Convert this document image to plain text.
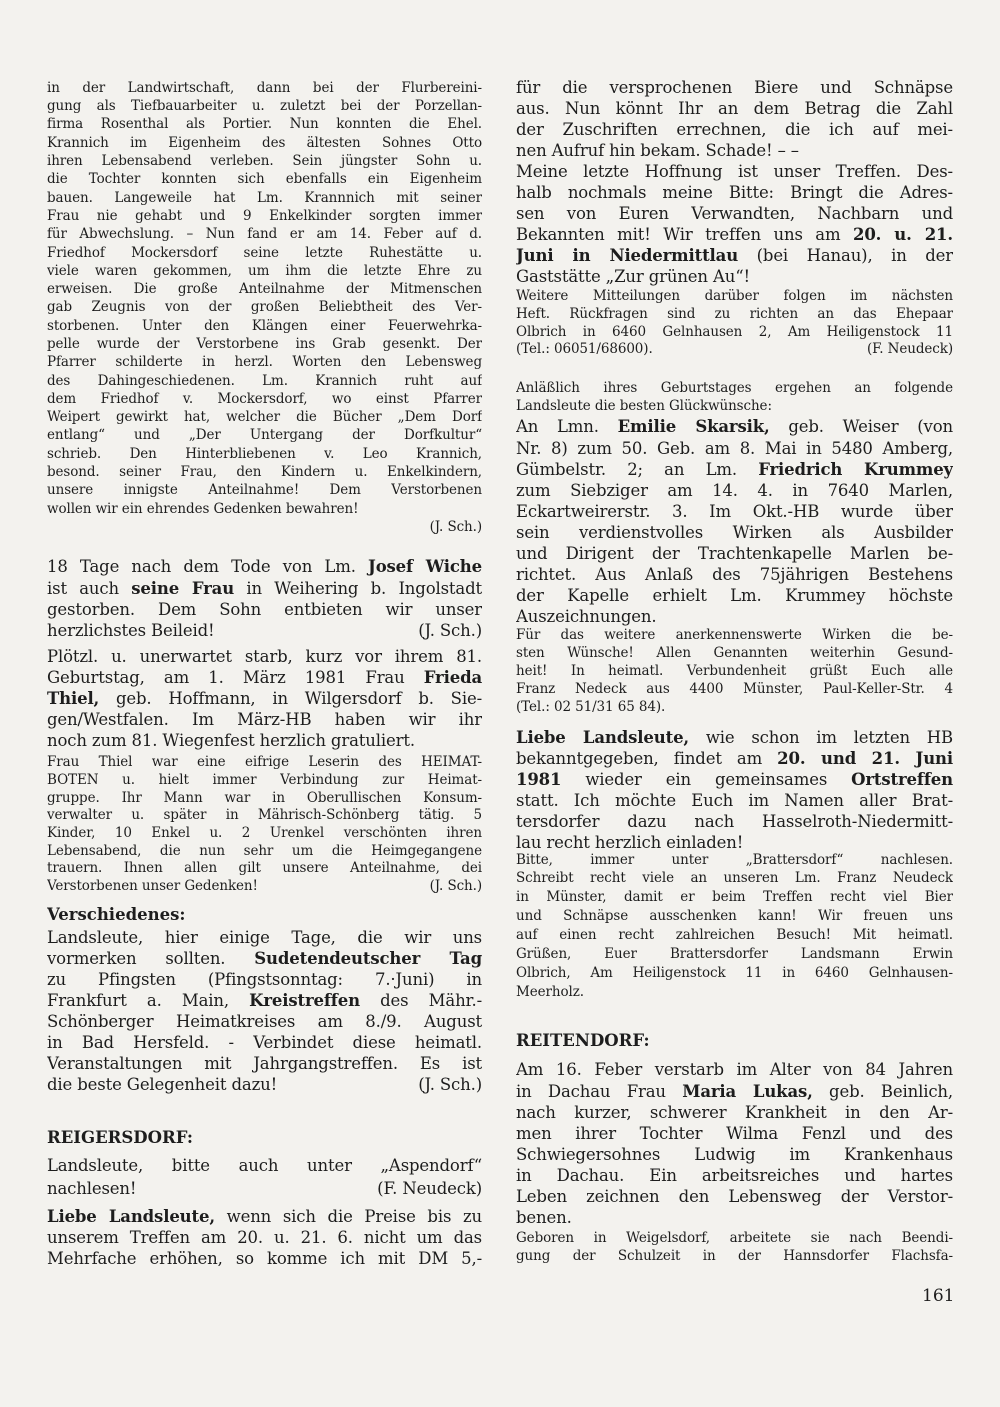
in der Landwirtschaft, dann bei der Flurbereini-
gung als Tiefbauarbeiter u. zuletzt bei der Porzellan-
firma Rosenthal als Portier. Nun konnten die Ehel.
Krannich im Eigenheim des ältesten Sohnes Otto
ihren Lebensabend verleben. Sein jüngster Sohn u.
die Tochter konnten sich ebenfalls ein Eigenheim
bauen. Langeweile hat Lm. Krannnich mit seiner
Frau nie gehabt und 9 Enkelkinder sorgten immer
für Abwechslung. – Nun fand er am 14. Feber auf d.
Friedhof Mockersdorf seine letzte Ruhestätte u.
viele waren gekommen, um ihm die letzte Ehre zu
erweisen. Die große Anteilnahme der Mitmenschen
gab Zeugnis von der großen Beliebtheit des Ver-
storbenen. Unter den Klängen einer Feuerwehrka-
pelle wurde der Verstorbene ins Grab gesenkt. Der
Pfarrer schilderte in herzl. Worten den Lebensweg
des Dahingeschiedenen. Lm. Krannich ruht auf
dem Friedhof v. Mockersdorf, wo einst Pfarrer
Weipert gewirkt hat, welcher die Bücher „Dem Dorf
entlang“ und „Der Untergang der Dorfkultur“
schrieb. Den Hinterbliebenen v. Leo Krannich,
besond. seiner Frau, den Kindern u. Enkelkindern,
unsere innigste Anteilnahme! Dem Verstorbenen
wollen wir ein ehrendes Gedenken bewahren!
(J. Sch.)
18 Tage nach dem Tode von Lm. Josef Wiche
ist auch seine Frau in Weihering b. Ingolstadt
gestorben. Dem Sohn entbieten wir unser
herzlichstes Beileid!	(J. Sch.)
Plötzl. u. unerwartet starb, kurz vor ihrem 81.
Geburtstag, am 1. März 1981 Frau Frieda
Thiel, geb. Hoffmann, in Wilgersdorf b. Sie-
gen/Westfalen. Im März-HB haben wir ihr
noch zum 81. Wiegenfest herzlich gratuliert.
Frau Thiel war eine eifrige Leserin des HEIMAT-
BOTEN u. hielt immer Verbindung zur Heimat-
gruppe. Ihr Mann war in Oberullischen Konsum-
verwalter u. später in Mährisch-Schönberg tätig. 5
Kinder, 10 Enkel u. 2 Urenkel verschönten ihren
Lebensabend, die nun sehr um die Heimgegangene
trauern. Ihnen allen gilt unsere Anteilnahme, dei
Verstorbenen unser Gedenken!	(J. Sch.)
Verschiedenes:
Landsleute, hier einige Tage, die wir uns
vormerken sollten. Sudetendeutscher Tag
zu Pfingsten (Pfingstsonntag: 7.·Juni) in
Frankfurt a. Main, Kreistreffen des Mähr.-
Schönberger Heimatkreises am 8./9. August
in Bad Hersfeld. - Verbindet diese heimatl.
Veranstaltungen mit Jahrgangstreffen. Es ist
die beste Gelegenheit dazu!	(J. Sch.)
REIGERSDORF:
Landsleute, bitte auch unter „Aspendorf“
nachlesen!	(F. Neudeck)
Liebe Landsleute, wenn sich die Preise bis zu
unserem Treffen am 20. u. 21. 6. nicht um das
Mehrfache erhöhen, so komme ich mit DM 5,-
für die versprochenen Biere und Schnäpse
aus. Nun könnt Ihr an dem Betrag die Zahl
der Zuschriften errechnen, die ich auf mei-
nen Aufruf hin bekam. Schade! – –
Meine letzte Hoffnung ist unser Treffen. Des-
halb nochmals meine Bitte: Bringt die Adres-
sen von Euren Verwandten, Nachbarn und
Bekannten mit! Wir treffen uns am 20. u. 21.
Juni in Niedermittlau (bei Hanau), in der
Gaststätte „Zur grünen Au“!
Weitere Mitteilungen darüber folgen im nächsten
Heft. Rückfragen sind zu richten an das Ehepaar
Olbrich in 6460 Gelnhausen 2, Am Heiligenstock 11
(Tel.: 06051/68600).	(F. Neudeck)
Anläßlich ihres Geburtstages ergehen an folgende
Landsleute die besten Glückwünsche:
An Lmn. Emilie Skarsik, geb. Weiser (von
Nr. 8) zum 50. Geb. am 8. Mai in 5480 Amberg,
Gümbelstr. 2; an Lm. Friedrich Krummey
zum Siebziger am 14. 4. in 7640 Marlen,
Eckartweirerstr. 3. Im Okt.-HB wurde über
sein verdienstvolles Wirken als Ausbilder
und Dirigent der Trachtenkapelle Marlen be-
richtet. Aus Anlaß des 75jährigen Bestehens
der Kapelle erhielt Lm. Krummey höchste
Auszeichnungen.
Für das weitere anerkennenswerte Wirken die be-
sten Wünsche! Allen Genannten weiterhin Gesund-
heit! In heimatl. Verbundenheit grüßt Euch alle
Franz Nedeck aus 4400 Münster, Paul-Keller-Str. 4
(Tel.: 02 51/31 65 84).
Liebe Landsleute, wie schon im letzten HB
bekanntgegeben, findet am 20. und 21. Juni
1981 wieder ein gemeinsames Ortstreffen
statt. Ich möchte Euch im Namen aller Brat-
tersdorfer dazu nach Hasselroth-Niedermitt-
lau recht herzlich einladen!
Bitte, immer unter „Brattersdorf“ nachlesen.
Schreibt recht viele an unseren Lm. Franz Neudeck
in Münster, damit er beim Treffen recht viel Bier
und Schnäpse ausschenken kann! Wir freuen uns
auf einen recht zahlreichen Besuch! Mit heimatl.
Grüßen, Euer Brattersdorfer Landsmann Erwin
Olbrich, Am Heiligenstock 11 in 6460 Gelnhausen-
Meerholz.
REITENDORF:
Am 16. Feber verstarb im Alter von 84 Jahren
in Dachau Frau Maria Lukas, geb. Beinlich,
nach kurzer, schwerer Krankheit in den Ar-
men ihrer Tochter Wilma Fenzl und des
Schwiegersohnes Ludwig im Krankenhaus
in Dachau. Ein arbeitsreiches und hartes
Leben zeichnen den Lebensweg der Verstor-
benen.
Geboren in Weigelsdorf, arbeitete sie nach Beendi-
gung der Schulzeit in der Hannsdorfer Flachsfa-
161
